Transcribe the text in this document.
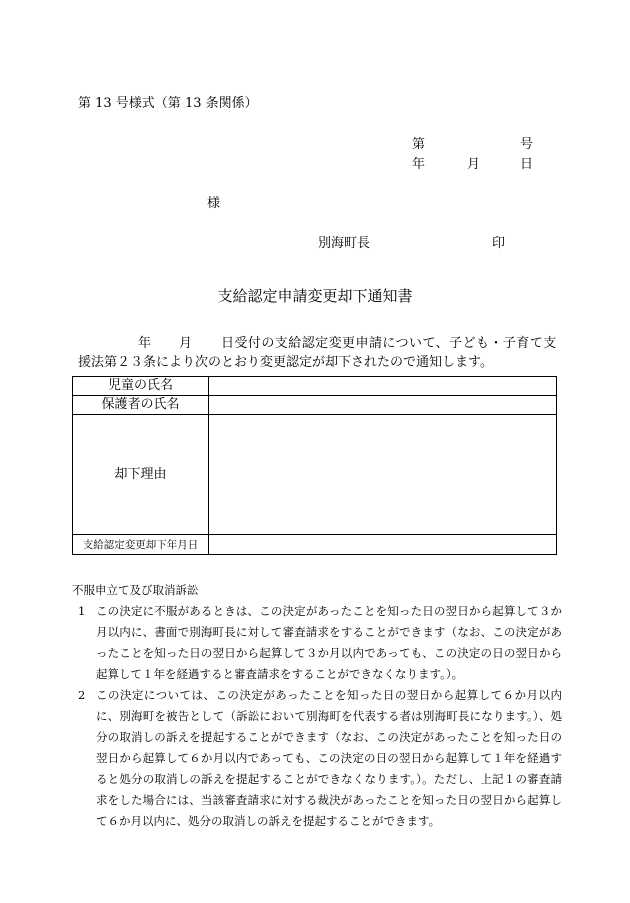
第 13 号様式（第 13 条関係）
第	号
年	月	日
様
別海町長	印
支給認定申請変更却下通知書
年 月 日受付の支給認定変更申請について、子ども・子育て支
援法第２３条により次のとおり変更認定が却下されたので通知します。
児童の氏名	
保護者の氏名	
却下理由	
支給認定変更却下年月日	
不服申立て及び取消訴訟
1 この決定に不服があるときは、この決定があったことを知った日の翌日から起算して３か月以内に、書面で別海町長に対して審査請求をすることができます（なお、この決定があったことを知った日の翌日から起算して３か月以内であっても、この決定の日の翌日から起算して１年を経過すると審査請求をすることができなくなります。）。
2 この決定については、この決定があったことを知った日の翌日から起算して６か月以内に、別海町を被告として（訴訟において別海町を代表する者は別海町長になります。）、処分の取消しの訴えを提起することができます（なお、この決定があったことを知った日の翌日から起算して６か月以内であっても、この決定の日の翌日から起算して１年を経過すると処分の取消しの訴えを提起することができなくなります。）。ただし、上記１の審査請求をした場合には、当該審査請求に対する裁決があったことを知った日の翌日から起算して６か月以内に、処分の取消しの訴えを提起することができます。
